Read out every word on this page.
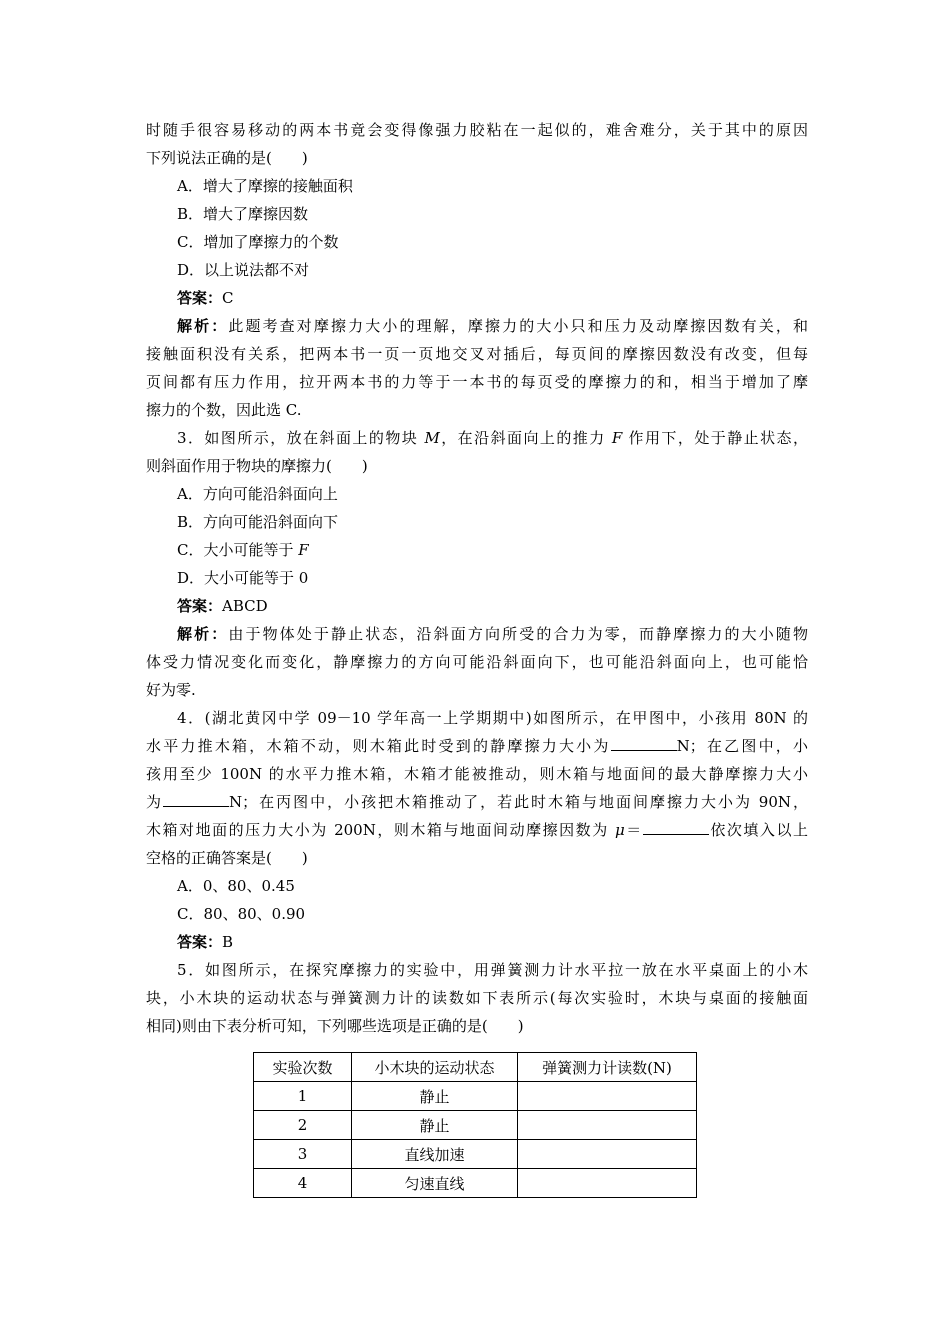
时随手很容易移动的两本书竟会变得像强力胶粘在一起似的，难舍难分，关于其中的原因
下列说法正确的是(　　)
A．增大了摩擦的接触面积
B．增大了摩擦因数
C．增加了摩擦力的个数
D．以上说法都不对
答案：C
解析：此题考查对摩擦力大小的理解，摩擦力的大小只和压力及动摩擦因数有关，和
接触面积没有关系，把两本书一页一页地交叉对插后，每页间的摩擦因数没有改变，但每
页间都有压力作用，拉开两本书的力等于一本书的每页受的摩擦力的和，相当于增加了摩
擦力的个数，因此选 C.
3．如图所示，放在斜面上的物块 M，在沿斜面向上的推力 F 作用下，处于静止状态，
则斜面作用于物块的摩擦力(　　)
A．方向可能沿斜面向上
B．方向可能沿斜面向下
C．大小可能等于 F
D．大小可能等于 0
答案：ABCD
解析：由于物体处于静止状态，沿斜面方向所受的合力为零，而静摩擦力的大小随物
体受力情况变化而变化，静摩擦力的方向可能沿斜面向下，也可能沿斜面向上，也可能恰
好为零.
4．(湖北黄冈中学 09－10 学年高一上学期期中)如图所示，在甲图中，小孩用 80N 的
水平力推木箱，木箱不动，则木箱此时受到的静摩擦力大小为	N；在乙图中，小
孩用至少 100N 的水平力推木箱，木箱才能被推动，则木箱与地面间的最大静摩擦力大小
为	N；在丙图中，小孩把木箱推动了，若此时木箱与地面间摩擦力大小为 90N，
木箱对地面的压力大小为 200N，则木箱与地面间动摩擦因数为 μ＝	依次填入以上
空格的正确答案是(　　)
A．0、80、0.45
C．80、80、0.90
答案：B
5．如图所示，在探究摩擦力的实验中，用弹簧测力计水平拉一放在水平桌面上的小木
块，小木块的运动状态与弹簧测力计的读数如下表所示(每次实验时，木块与桌面的接触面
相同)则由下表分析可知，下列哪些选项是正确的是(　　)
实验次数	小木块的运动状态	弹簧测力计读数(N)
1	静止	
2	静止	
3	直线加速	
4	匀速直线	
